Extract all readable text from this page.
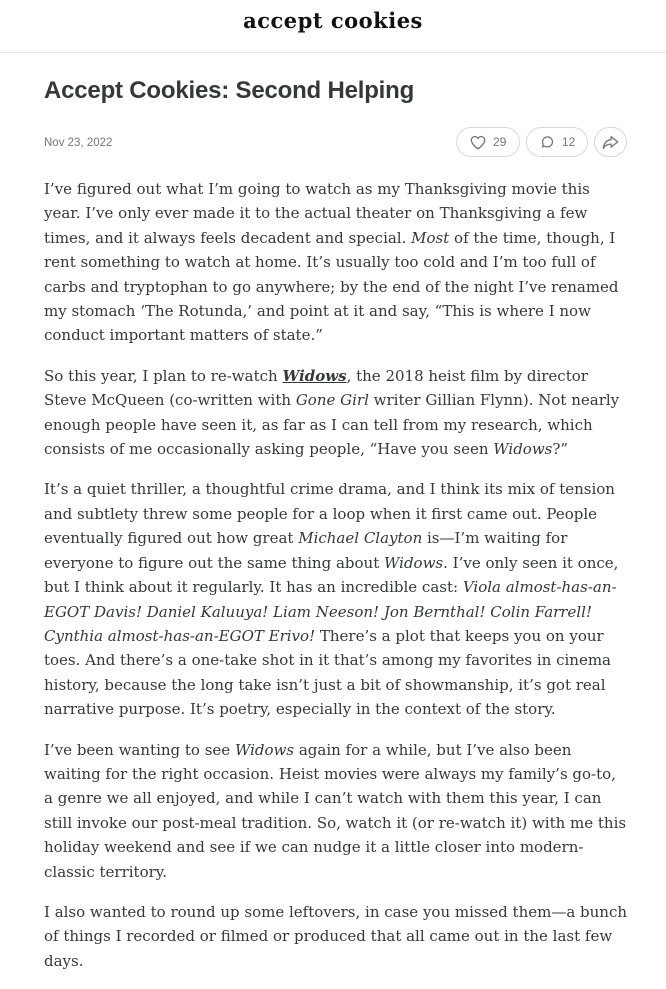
accept cookies
Accept Cookies: Second Helping
Nov 23, 2022	29	12

I’ve figured out what I’m going to watch as my Thanksgiving movie this year. I’ve only ever made it to the actual theater on Thanksgiving a few times, and it always feels decadent and special. Most of the time, though, I rent something to watch at home. It’s usually too cold and I’m too full of carbs and tryptophan to go anywhere; by the end of the night I’ve renamed my stomach ‘The Rotunda,’ and point at it and say, “This is where I now conduct important matters of state.”

So this year, I plan to re-watch Widows, the 2018 heist film by director Steve McQueen (co-written with Gone Girl writer Gillian Flynn). Not nearly enough people have seen it, as far as I can tell from my research, which consists of me occasionally asking people, “Have you seen Widows?”

It’s a quiet thriller, a thoughtful crime drama, and I think its mix of tension and subtlety threw some people for a loop when it first came out. People eventually figured out how great Michael Clayton is—I’m waiting for everyone to figure out the same thing about Widows. I’ve only seen it once, but I think about it regularly. It has an incredible cast: Viola almost-has-an-EGOT Davis! Daniel Kaluuya! Liam Neeson! Jon Bernthal! Colin Farrell! Cynthia almost-has-an-EGOT Erivo! There’s a plot that keeps you on your toes. And there’s a one-take shot in it that’s among my favorites in cinema history, because the long take isn’t just a bit of showmanship, it’s got real narrative purpose. It’s poetry, especially in the context of the story.

I’ve been wanting to see Widows again for a while, but I’ve also been waiting for the right occasion. Heist movies were always my family’s go-to, a genre we all enjoyed, and while I can’t watch with them this year, I can still invoke our post-meal tradition. So, watch it (or re-watch it) with me this holiday weekend and see if we can nudge it a little closer into modern-classic territory.

I also wanted to round up some leftovers, in case you missed them—a bunch of things I recorded or filmed or produced that all came out in the last few days.
